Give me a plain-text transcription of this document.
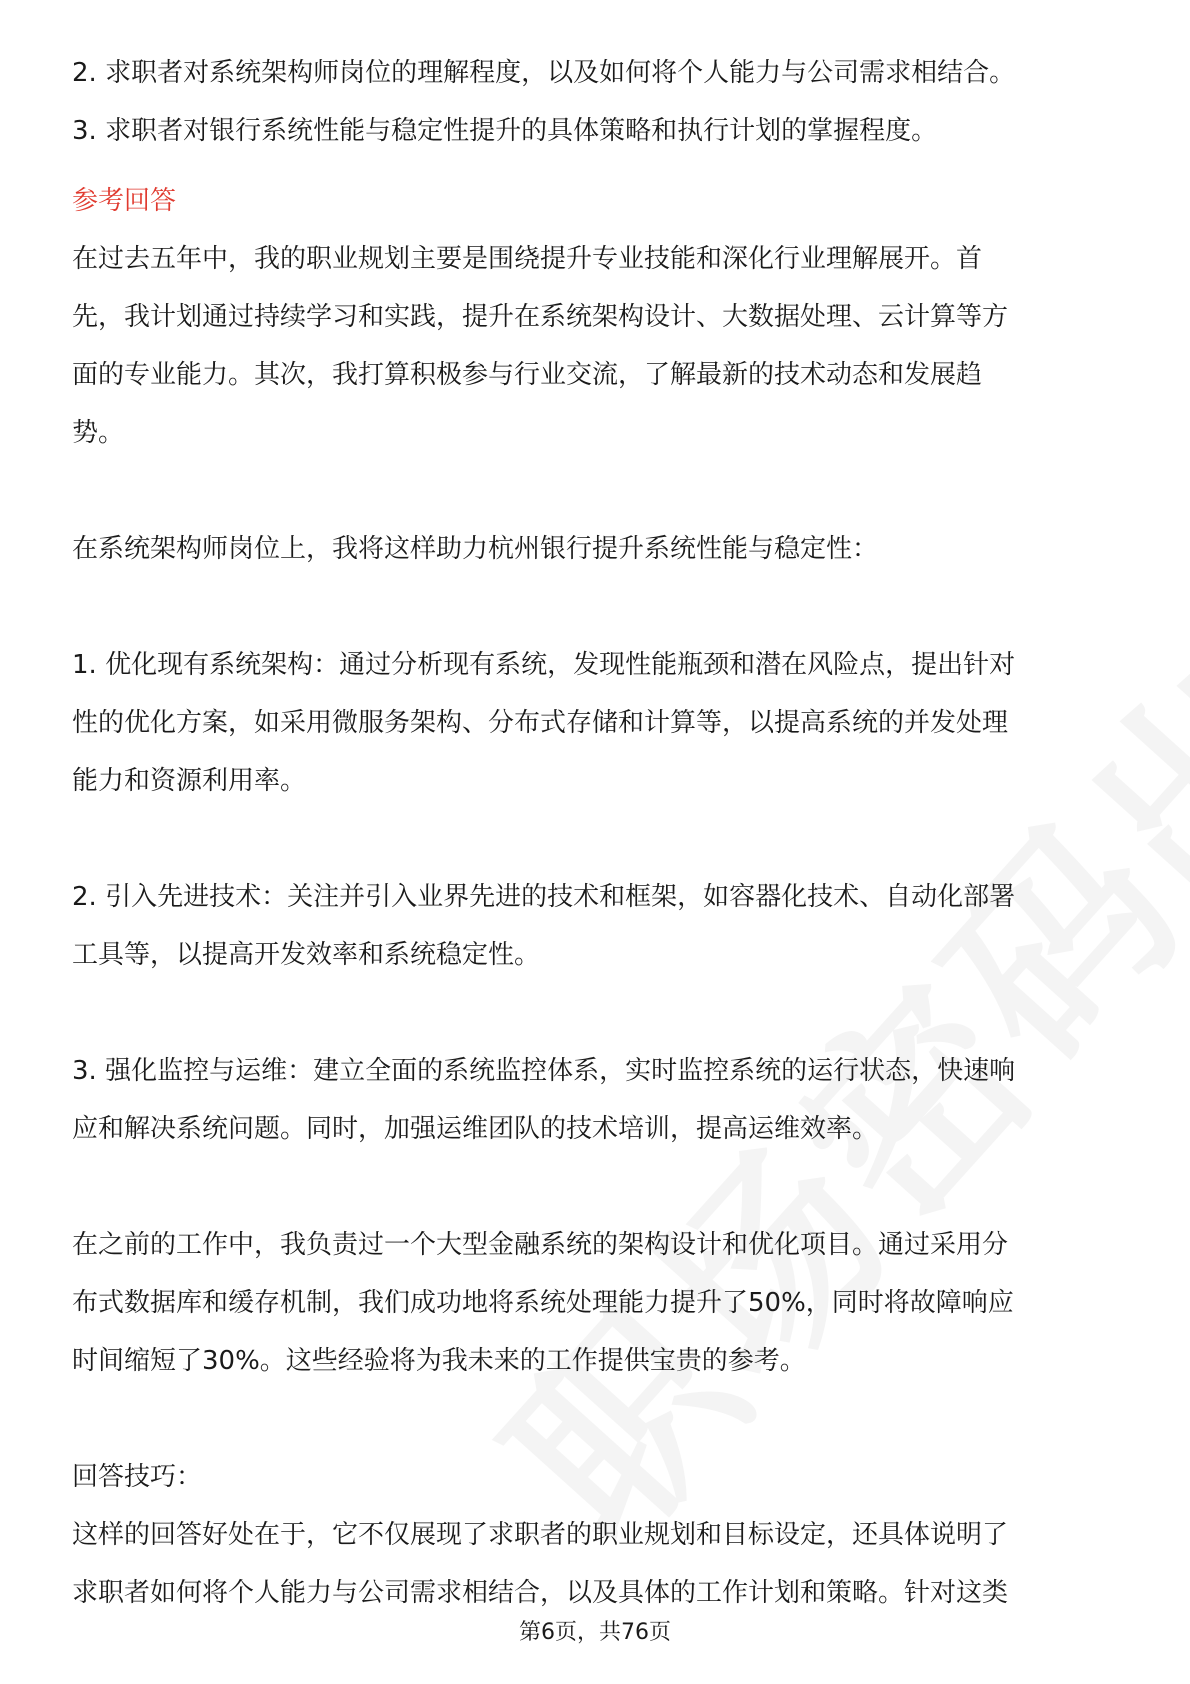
2. 求职者对系统架构师岗位的理解程度，以及如何将个人能力与公司需求相结合。

3. 求职者对银行系统性能与稳定性提升的具体策略和执行计划的掌握程度。

参考回答

在过去五年中，我的职业规划主要是围绕提升专业技能和深化行业理解展开。首
先，我计划通过持续学习和实践，提升在系统架构设计、大数据处理、云计算等方
面的专业能力。其次，我打算积极参与行业交流，了解最新的技术动态和发展趋
势。

在系统架构师岗位上，我将这样助力杭州银行提升系统性能与稳定性：

1. 优化现有系统架构：通过分析现有系统，发现性能瓶颈和潜在风险点，提出针对
性的优化方案，如采用微服务架构、分布式存储和计算等，以提高系统的并发处理
能力和资源利用率。
2. 引入先进技术：关注并引入业界先进的技术和框架，如容器化技术、自动化部署
工具等，以提高开发效率和系统稳定性。
3. 强化监控与运维：建立全面的系统监控体系，实时监控系统的运行状态，快速响
应和解决系统问题。同时，加强运维团队的技术培训，提高运维效率。
在之前的工作中，我负责过一个大型金融系统的架构设计和优化项目。通过采用分
布式数据库和缓存机制，我们成功地将系统处理能力提升了50%，同时将故障响应
时间缩短了30%。这些经验将为我未来的工作提供宝贵的参考。

回答技巧：

这样的回答好处在于，它不仅展现了求职者的职业规划和目标设定，还具体说明了
求职者如何将个人能力与公司需求相结合，以及具体的工作计划和策略。针对这类
第6页，共76页
